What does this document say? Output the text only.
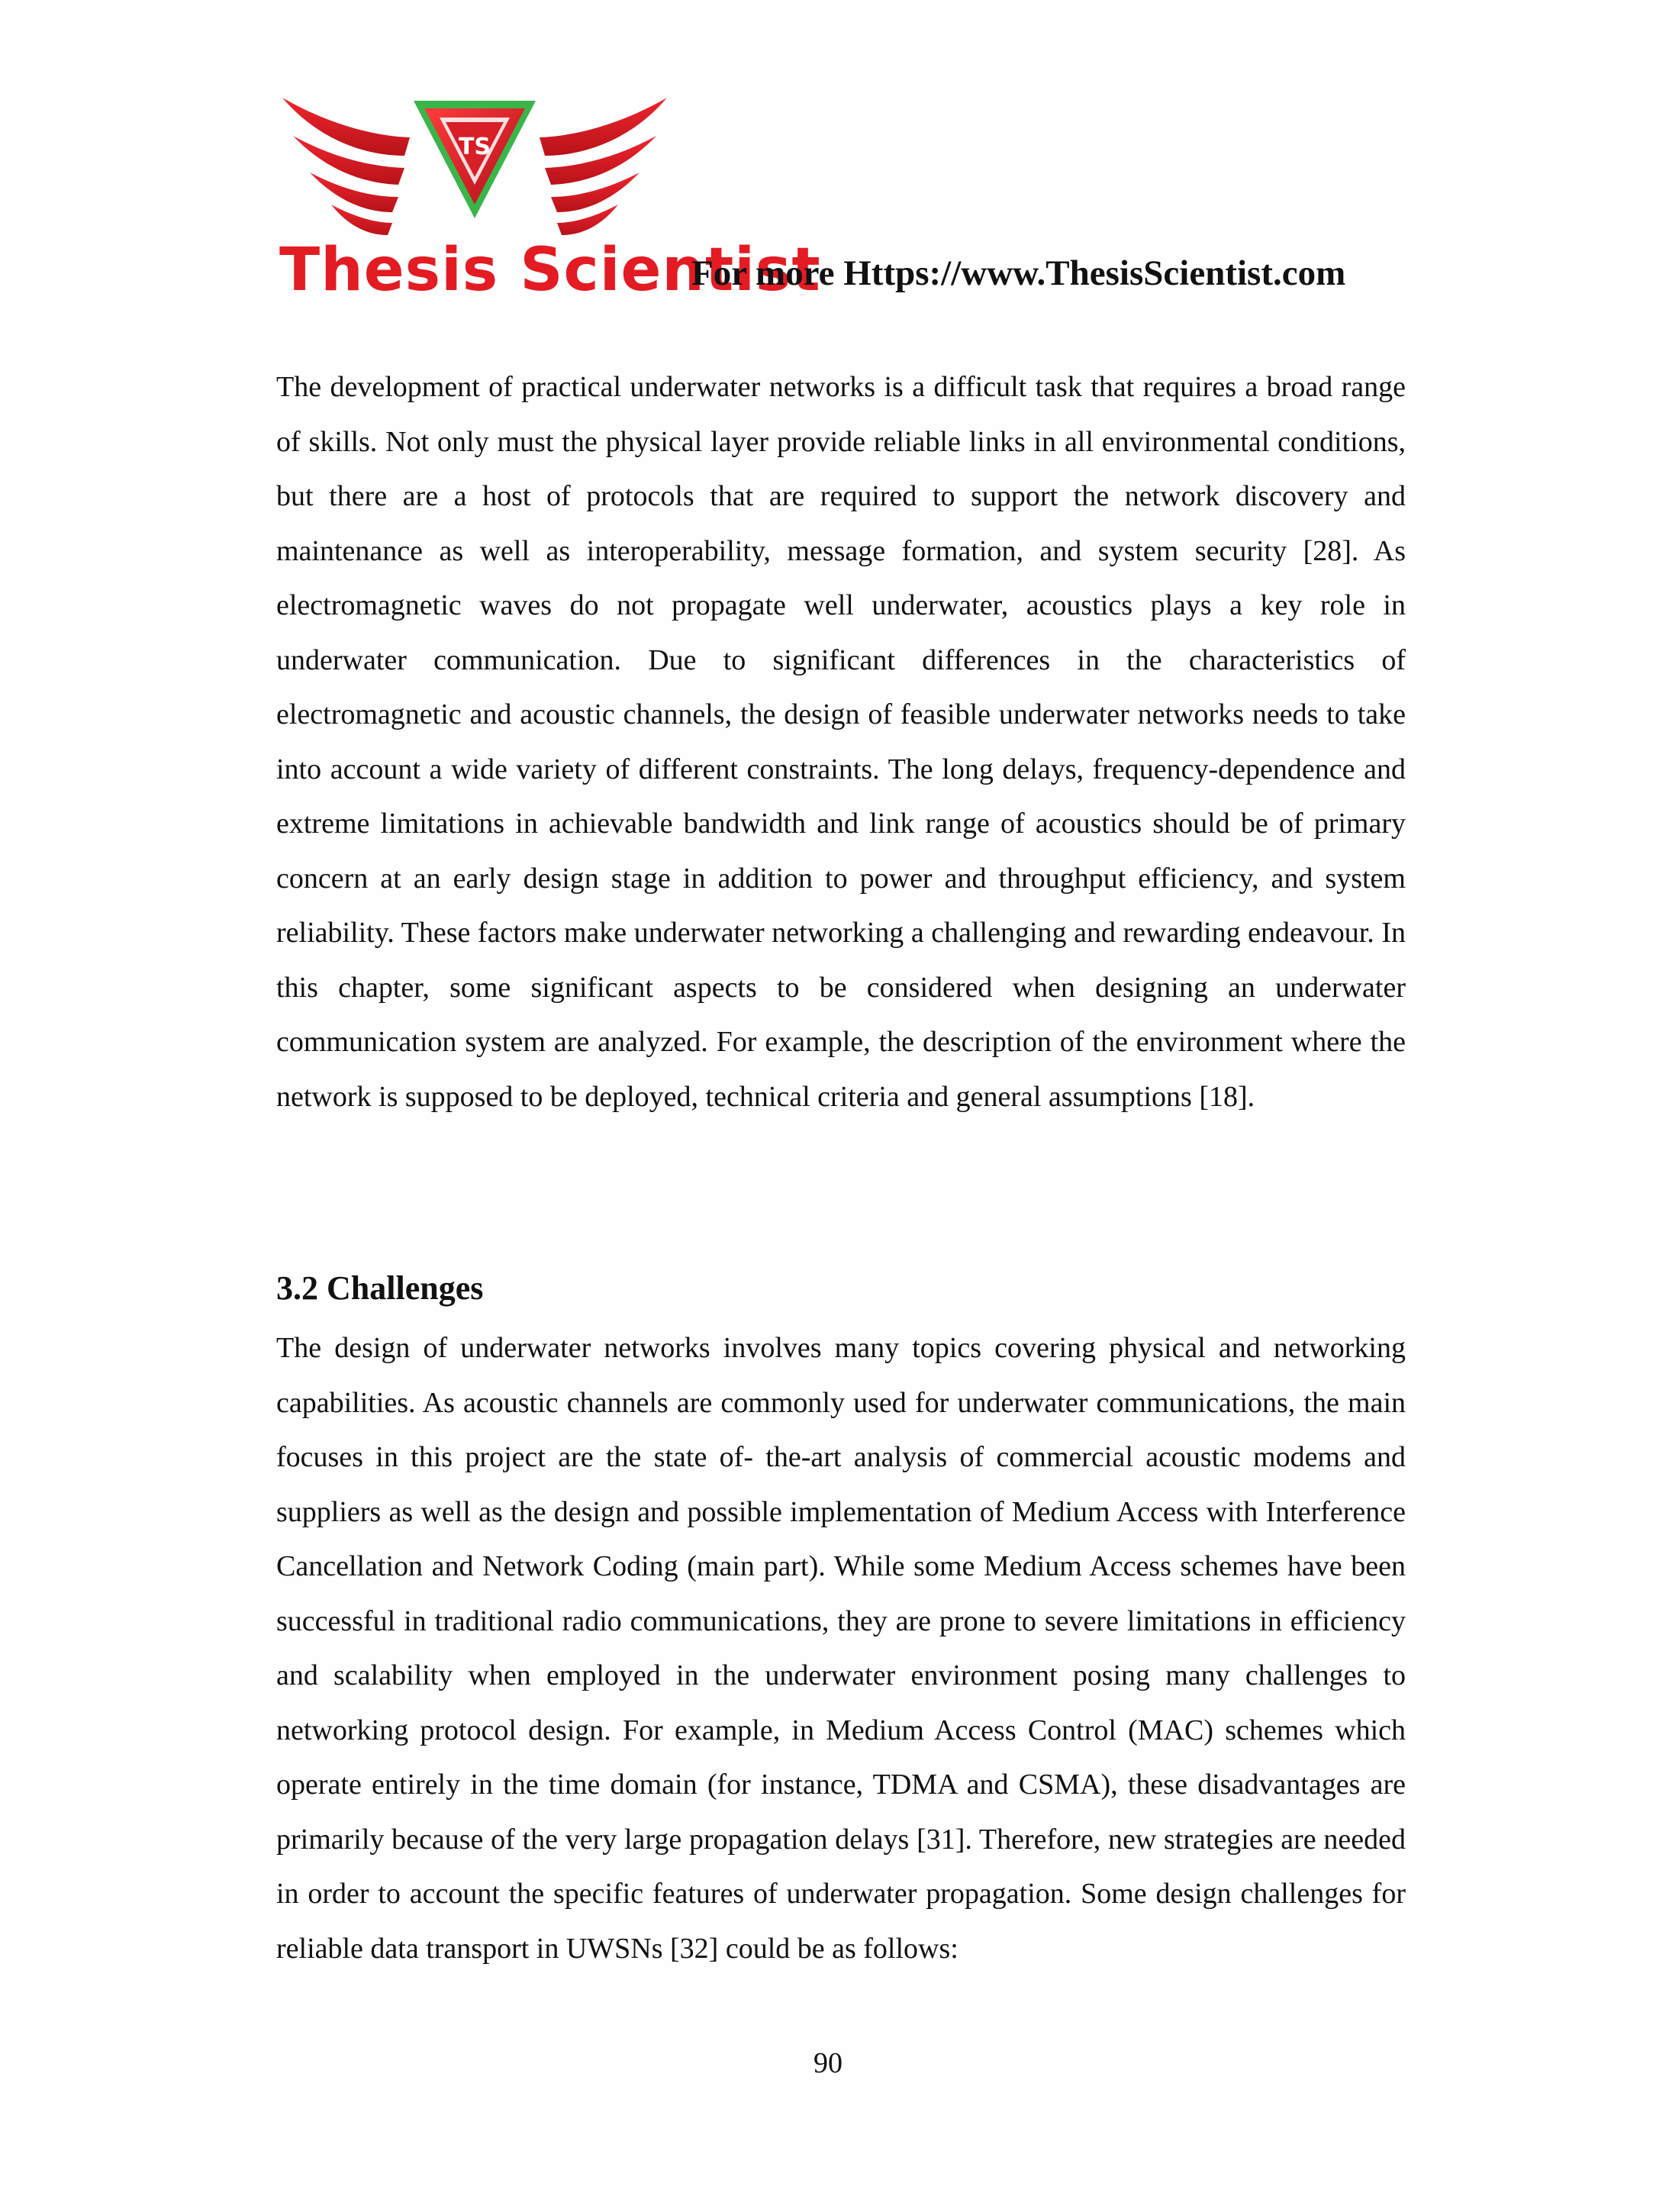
TS
Thesis Scientist
For more Https://www.ThesisScientist.com

The development of practical underwater networks is a difficult task that requires a broad range of skills. Not only must the physical layer provide reliable links in all environmental conditions, but there are a host of protocols that are required to support the network discovery and maintenance as well as interoperability, message formation, and system security [28]. As electromagnetic waves do not propagate well underwater, acoustics plays a key role in underwater communication. Due to significant differences in the characteristics of electromagnetic and acoustic channels, the design of feasible underwater networks needs to take into account a wide variety of different constraints. The long delays, frequency-dependence and extreme limitations in achievable bandwidth and link range of acoustics should be of primary concern at an early design stage in addition to power and throughput efficiency, and system reliability. These factors make underwater networking a challenging and rewarding endeavour. In this chapter, some significant aspects to be considered when designing an underwater communication system are analyzed. For example, the description of the environment where the network is supposed to be deployed, technical criteria and general assumptions [18].

3.2 Challenges

The design of underwater networks involves many topics covering physical and networking capabilities. As acoustic channels are commonly used for underwater communications, the main focuses in this project are the state of- the-art analysis of commercial acoustic modems and suppliers as well as the design and possible implementation of Medium Access with Interference Cancellation and Network Coding (main part). While some Medium Access schemes have been successful in traditional radio communications, they are prone to severe limitations in efficiency and scalability when employed in the underwater environment posing many challenges to networking protocol design. For example, in Medium Access Control (MAC) schemes which operate entirely in the time domain (for instance, TDMA and CSMA), these disadvantages are primarily because of the very large propagation delays [31]. Therefore, new strategies are needed in order to account the specific features of underwater propagation. Some design challenges for reliable data transport in UWSNs [32] could be as follows:

90
